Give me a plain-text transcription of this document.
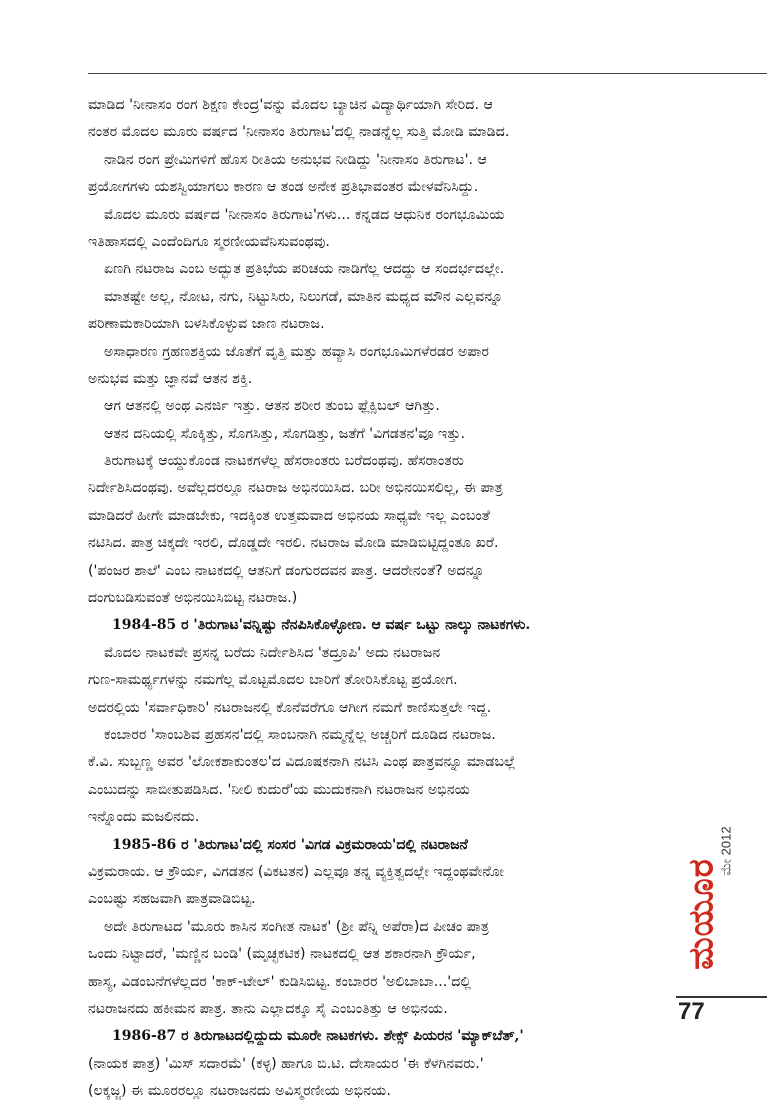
ಮಾಡಿದ 'ನೀನಾಸಂ ರಂಗ ಶಿಕ್ಷಣ ಕೇಂದ್ರ'ವನ್ನು ಮೊದಲ ಬ್ಯಾಚಿನ ವಿದ್ಯಾರ್ಥಿಯಾಗಿ ಸೇರಿದ. ಆ
ನಂತರ ಮೊದಲ ಮೂರು ವರ್ಷದ 'ನೀನಾಸಂ ತಿರುಗಾಟ'ದಲ್ಲಿ ನಾಡನ್ನೆಲ್ಲ ಸುತ್ತಿ ಮೋಡಿ ಮಾಡಿದ.
ನಾಡಿನ ರಂಗ ಪ್ರೇಮಿಗಳಿಗೆ ಹೊಸ ರೀತಿಯ ಅನುಭವ ನೀಡಿದ್ದು 'ನೀನಾಸಂ ತಿರುಗಾಟ'. ಆ
ಪ್ರಯೋಗಗಳು ಯಶಸ್ವಿಯಾಗಲು ಕಾರಣ ಆ ತಂಡ ಅನೇಕ ಪ್ರತಿಭಾವಂತರ ಮೇಳವೆನಿಸಿದ್ದು.
ಮೊದಲ ಮೂರು ವರ್ಷದ 'ನೀನಾಸಂ ತಿರುಗಾಟ'ಗಳು... ಕನ್ನಡದ ಆಧುನಿಕ ರಂಗಭೂಮಿಯ
ಇತಿಹಾಸದಲ್ಲಿ ಎಂದೆಂದಿಗೂ ಸ್ಮರಣೀಯವೆನಿಸುವಂಥವು.
ಏಣಗಿ ನಟರಾಜ ಎಂಬ ಅದ್ಭುತ ಪ್ರತಿಭೆಯ ಪರಿಚಯ ನಾಡಿಗೆಲ್ಲ ಆದದ್ದು ಆ ಸಂದರ್ಭದಲ್ಲೇ.
ಮಾತಷ್ಟೇ ಅಲ್ಲ, ನೋಟ, ನಗು, ನಿಟ್ಟುಸಿರು, ನಿಲುಗಡೆ, ಮಾತಿನ ಮಧ್ಯದ ಮೌನ ಎಲ್ಲವನ್ನೂ
ಪರಿಣಾಮಕಾರಿಯಾಗಿ ಬಳಸಿಕೊಳ್ಳುವ ಜಾಣ ನಟರಾಜ.
ಅಸಾಧಾರಣ ಗ್ರಹಣಶಕ್ತಿಯ ಜೊತೆಗೆ ವೃತ್ತಿ ಮತ್ತು ಹವ್ಯಾಸಿ ರಂಗಭೂಮಿಗಳೆರಡರ ಅಪಾರ
ಅನುಭವ ಮತ್ತು ಜ್ಞಾನವೆ ಆತನ ಶಕ್ತಿ.
ಆಗ ಆತನಲ್ಲಿ ಅಂಥ ಎನರ್ಜಿ ಇತ್ತು. ಆತನ ಶರೀರ ತುಂಬ ಫ್ಲೆಕ್ಸಿಬಲ್ ಆಗಿತ್ತು.
ಆತನ ದನಿಯಲ್ಲಿ ಸೊಕ್ಕಿತ್ತು, ಸೊಗಸಿತ್ತು, ಸೊಗಡಿತ್ತು, ಜತೆಗೆ 'ವಿಗಡತನ'ವೂ ಇತ್ತು.
ತಿರುಗಾಟಕ್ಕೆ ಆಯ್ದುಕೊಂಡ ನಾಟಕಗಳೆಲ್ಲ ಹೆಸರಾಂತರು ಬರೆದಂಥವು. ಹೆಸರಾಂತರು
ನಿರ್ದೇಶಿಸಿದಂಥವು. ಅವೆಲ್ಲದರಲ್ಲೂ ನಟರಾಜ ಅಭಿನಯಿಸಿದ. ಬರೀ ಅಭಿನಯಿಸಲಿಲ್ಲ, ಈ ಪಾತ್ರ
ಮಾಡಿದರೆ ಹೀಗೇ ಮಾಡಬೇಕು, ಇದಕ್ಕಿಂತ ಉತ್ತಮವಾದ ಅಭಿನಯ ಸಾಧ್ಯವೇ ಇಲ್ಲ ಎಂಬಂತೆ
ನಟಿಸಿದ. ಪಾತ್ರ ಚಿಕ್ಕದೇ ಇರಲಿ, ದೊಡ್ಡದೇ ಇರಲಿ. ನಟರಾಜ ಮೋಡಿ ಮಾಡಿಬಿಟ್ಟಿದ್ದಂತೂ ಖರೆ.
('ಪಂಜರ ಶಾಲೆ' ಎಂಬ ನಾಟಕದಲ್ಲಿ ಆತನಿಗೆ ಡಂಗುರದವನ ಪಾತ್ರ. ಆದರೇನಂತೆ? ಅದನ್ನೂ
ದಂಗುಬಡಿಸುವಂತೆ ಅಭಿನಯಿಸಿಬಿಟ್ಟ ನಟರಾಜ.)
1984-85 ರ 'ತಿರುಗಾಟ'ವನ್ನಿಷ್ಟು ನೆನಪಿಸಿಕೊಳ್ಳೋಣ. ಆ ವರ್ಷ ಒಟ್ಟು ನಾಲ್ಕು ನಾಟಕಗಳು.
ಮೊದಲ ನಾಟಕವೇ ಪ್ರಸನ್ನ ಬರೆದು ನಿರ್ದೇಶಿಸಿದ 'ತದ್ರೂಪಿ' ಅದು ನಟರಾಜನ
ಗುಣ-ಸಾಮರ್ಥ್ಯಗಳನ್ನು ನಮಗೆಲ್ಲ ಮೊಟ್ಟಮೊದಲ ಬಾರಿಗೆ ತೋರಿಸಿಕೊಟ್ಟ ಪ್ರಯೋಗ.
ಅದರಲ್ಲಿಯ 'ಸರ್ವಾಧಿಕಾರಿ' ನಟರಾಜನಲ್ಲಿ ಕೊನೆವರೆಗೂ ಆಗೀಗ ನಮಗೆ ಕಾಣಿಸುತ್ತಲೇ ಇದ್ದ.
ಕಂಬಾರರ 'ಸಾಂಬಶಿವ ಪ್ರಹಸನ'ದಲ್ಲಿ ಸಾಂಬನಾಗಿ ನಮ್ಮನ್ನೆಲ್ಲ ಅಚ್ಚರಿಗೆ ದೂಡಿದ ನಟರಾಜ.
ಕೆ.ವಿ. ಸುಬ್ಬಣ್ಣ ಅವರ 'ಲೋಕಶಾಕುಂತಲ'ದ ವಿದೂಷಕನಾಗಿ ನಟಿಸಿ ಎಂಥ ಪಾತ್ರವನ್ನೂ ಮಾಡಬಲ್ಲೆ
ಎಂಬುದನ್ನು ಸಾಬೀತುಪಡಿಸಿದ. 'ನೀಲಿ ಕುದುರೆ'ಯ ಮುದುಕನಾಗಿ ನಟರಾಜನ ಅಭಿನಯ
ಇನ್ನೊಂದು ಮಜಲಿನದು.
1985-86 ರ 'ತಿರುಗಾಟ'ದಲ್ಲಿ ಸಂಸರ 'ವಿಗಡ ವಿಕ್ರಮರಾಯ'ದಲ್ಲಿ ನಟರಾಜನೆ
ವಿಕ್ರಮರಾಯ. ಆ ಕ್ರೌರ್ಯ, ವಿಗಡತನ (ವಿಕಟತನ) ಎಲ್ಲವೂ ತನ್ನ ವ್ಯಕ್ತಿತ್ವದಲ್ಲೇ ಇದ್ದಂಥವೇನೋ
ಎಂಬಷ್ಟು ಸಹಜವಾಗಿ ಪಾತ್ರವಾಡಿಬಿಟ್ಟ.
ಅದೇ ತಿರುಗಾಟದ 'ಮೂರು ಕಾಸಿನ ಸಂಗೀತ ನಾಟಕ' (ಶ್ರೀ ಪೆನ್ನಿ ಅಪೆರಾ)ದ ಪೀಚಂ ಪಾತ್ರ
ಒಂದು ನಿಟ್ಟಾದರೆ, 'ಮಣ್ಣಿನ ಬಂಡಿ' (ಮೃಚ್ಛಕಟಿಕ) ನಾಟಕದಲ್ಲಿ ಆತ ಶಕಾರನಾಗಿ ಕ್ರೌರ್ಯ,
ಹಾಸ್ಯ, ವಿಡಂಬನೆಗಳೆಲ್ಲದರ 'ಕಾಕ್-ಟೇಲ್' ಕುಡಿಸಿಬಿಟ್ಟ. ಕಂಬಾರರ 'ಅಲಿಬಾಬಾ...'ದಲ್ಲಿ
ನಟರಾಜನದು ಹಕೀಮನ ಪಾತ್ರ. ತಾನು ಎಲ್ಲಾದಕ್ಕೂ ಸೈ ಎಂಬಂತಿತ್ತು ಆ ಅಭಿನಯ.
1986-87 ರ ತಿರುಗಾಟದಲ್ಲಿದ್ದುದು ಮೂರೇ ನಾಟಕಗಳು. ಶೇಕ್ಸ್ ಪಿಯರನ 'ಮ್ಯಾಕ್‌ಬೆತ್,'
(ನಾಯಕ ಪಾತ್ರ) 'ಮಿಸ್ ಸದಾರಮೆ' (ಕಳ್ಳ) ಹಾಗೂ ಬಿ.ಟಿ. ದೇಸಾಯರ 'ಈ ಕೆಳಗಿನವರು.'
(ಲಕ್ಕಜ್ಜ) ಈ ಮೂರರಲ್ಲೂ ನಟರಾಜನದು ಅವಿಸ್ಮರಣೀಯ ಅಭಿನಯ.
ಮೇ 2012
ಮಯೂರ
77
